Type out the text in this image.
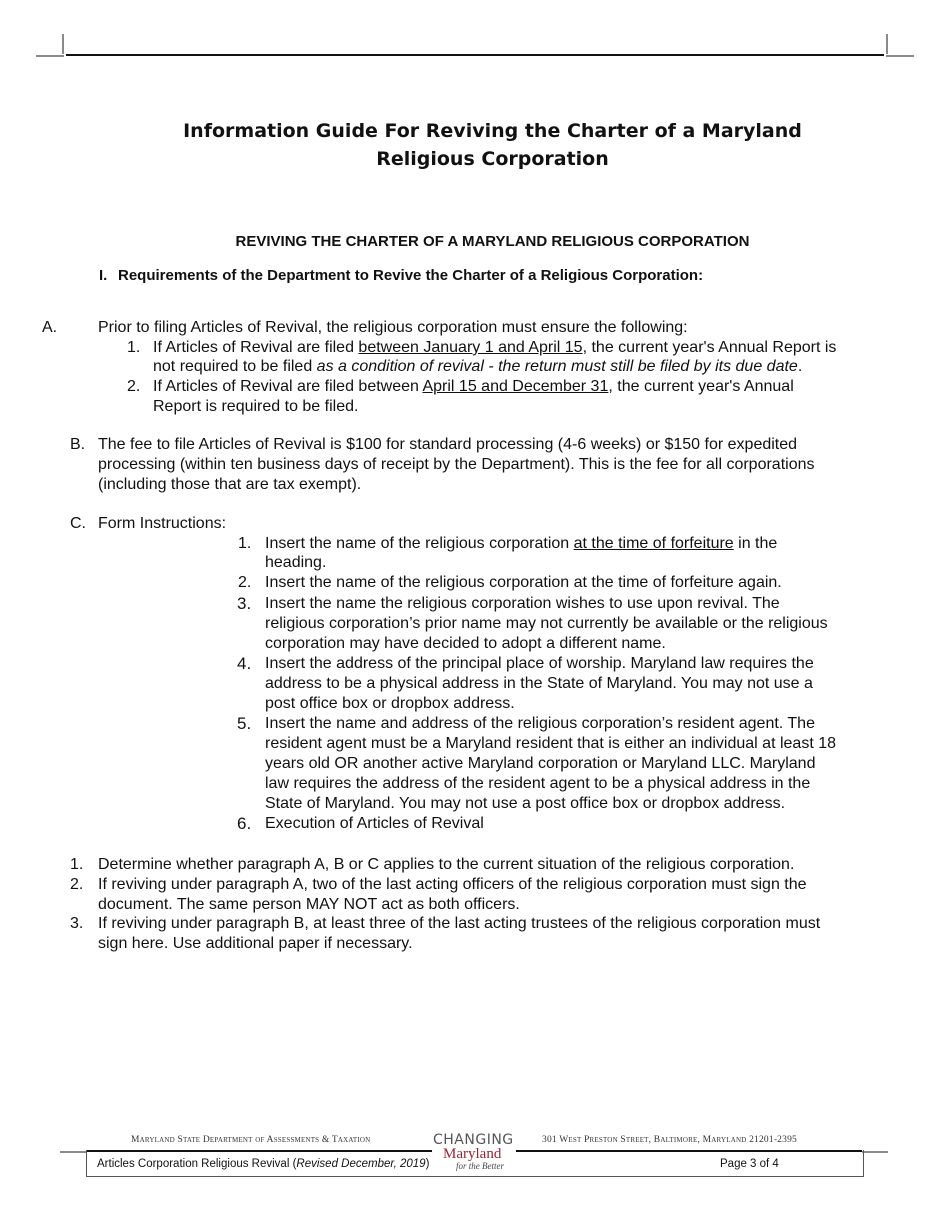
Information Guide For Reviving the Charter of a Maryland
Religious Corporation
REVIVING THE CHARTER OF A MARYLAND RELIGIOUS CORPORATION
I. Requirements of the Department to Revive the Charter of a Religious Corporation:
A.	Prior to filing Articles of Revival, the religious corporation must ensure the following:
1. If Articles of Revival are filed between January 1 and April 15, the current year's Annual Report is
not required to be filed as a condition of revival - the return must still be filed by its due date.
2. If Articles of Revival are filed between April 15 and December 31, the current year's Annual
Report is required to be filed.
B. The fee to file Articles of Revival is $100 for standard processing (4-6 weeks) or $150 for expedited
processing (within ten business days of receipt by the Department). This is the fee for all corporations
(including those that are tax exempt).
C. Form Instructions:
1. Insert the name of the religious corporation at the time of forfeiture in the
heading.
2. Insert the name of the religious corporation at the time of forfeiture again.
3. Insert the name the religious corporation wishes to use upon revival. The
religious corporation’s prior name may not currently be available or the religious
corporation may have decided to adopt a different name.
4. Insert the address of the principal place of worship. Maryland law requires the
address to be a physical address in the State of Maryland. You may not use a
post office box or dropbox address.
5. Insert the name and address of the religious corporation’s resident agent. The
resident agent must be a Maryland resident that is either an individual at least 18
years old OR another active Maryland corporation or Maryland LLC. Maryland
law requires the address of the resident agent to be a physical address in the
State of Maryland. You may not use a post office box or dropbox address.
6. Execution of Articles of Revival
1. Determine whether paragraph A, B or C applies to the current situation of the religious corporation.
2. If reviving under paragraph A, two of the last acting officers of the religious corporation must sign the
document. The same person MAY NOT act as both officers.
3. If reviving under paragraph B, at least three of the last acting trustees of the religious corporation must
sign here. Use additional paper if necessary.
Maryland State Department of Assessments & Taxation	301 West Preston Street, Baltimore, Maryland 21201-2395
CHANGING
Maryland
for the Better
Articles Corporation Religious Revival (Revised December, 2019)	Page 3 of 4
